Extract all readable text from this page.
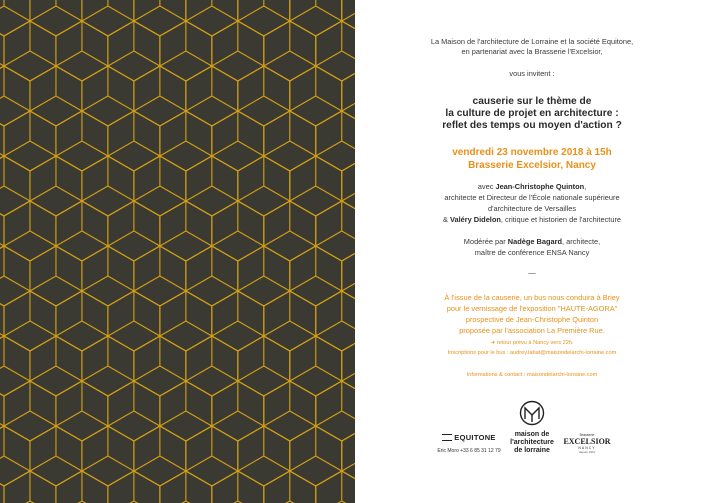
La Maison de l'architecture de Lorraine et la société Equitone,

en partenariat avec la Brasserie l'Excelsior,

vous invitent :

causerie sur le thème de

la culture de projet en architecture :

reflet des temps ou moyen d'action ?

vendredi 23 novembre 2018 à 15h

Brasserie Excelsior, Nancy

avec Jean-Christophe Quinton,

architecte et Directeur de l'École nationale supérieure

d'architecture de Versailles

& Valéry Didelon, critique et historien de l'architecture

Modérée par Nadège Bagard, architecte,

maître de conférence ENSA Nancy

—

À l'issue de la causerie, un bus nous conduira à Briey

pour le vernissage de l'exposition "HAUTE-AGORA"

prospective de Jean-Christophe Quinton

proposée par l'association La Première Rue.

➜ retour prévu à Nancy vers 22h.

Inscriptions pour le bus : audrey.labat@maisondelarchi-lorraine.com

Informations & contact : maisondelarchi-lorraine.com

EQUITONE
Eric Moro +33 6 85 31 12 79
maison de
l'architecture
de lorraine
Brasserie
EXCELSIOR
NANCY
depuis 1911
